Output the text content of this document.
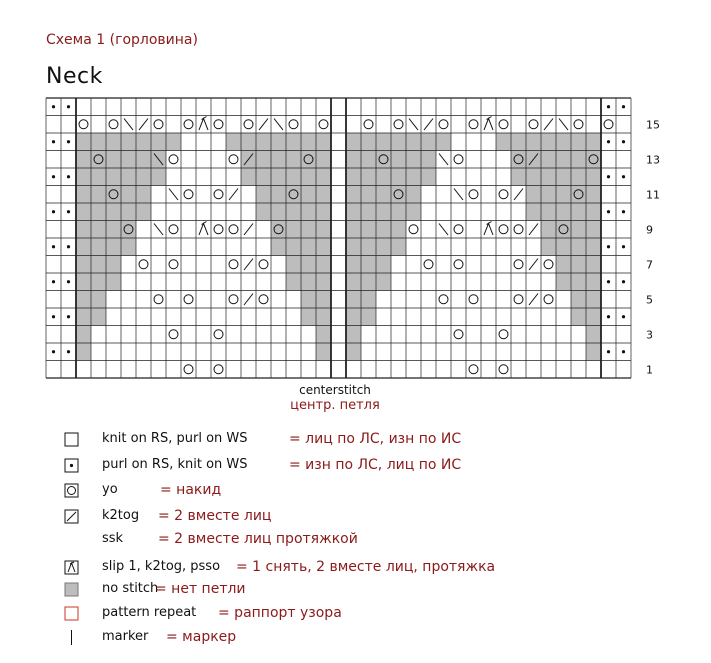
Схема 1 (горловина)
Neck
15
13
11
9
7
5
3
1
centerstitch
центр. петля
knit on RS, purl on WS	= лиц по ЛС, изн по ИС
purl on RS, knit on WS	= изн по ЛС, лиц по ИС
yo	= накид
k2tog = 2 вместе лиц
ssk = 2 вместе лиц протяжкой
slip 1, k2tog, psso = 1 снять, 2 вместе лиц, протяжка
no stitch
= нет петли
pattern repeat = раппорт узора
marker = маркер
